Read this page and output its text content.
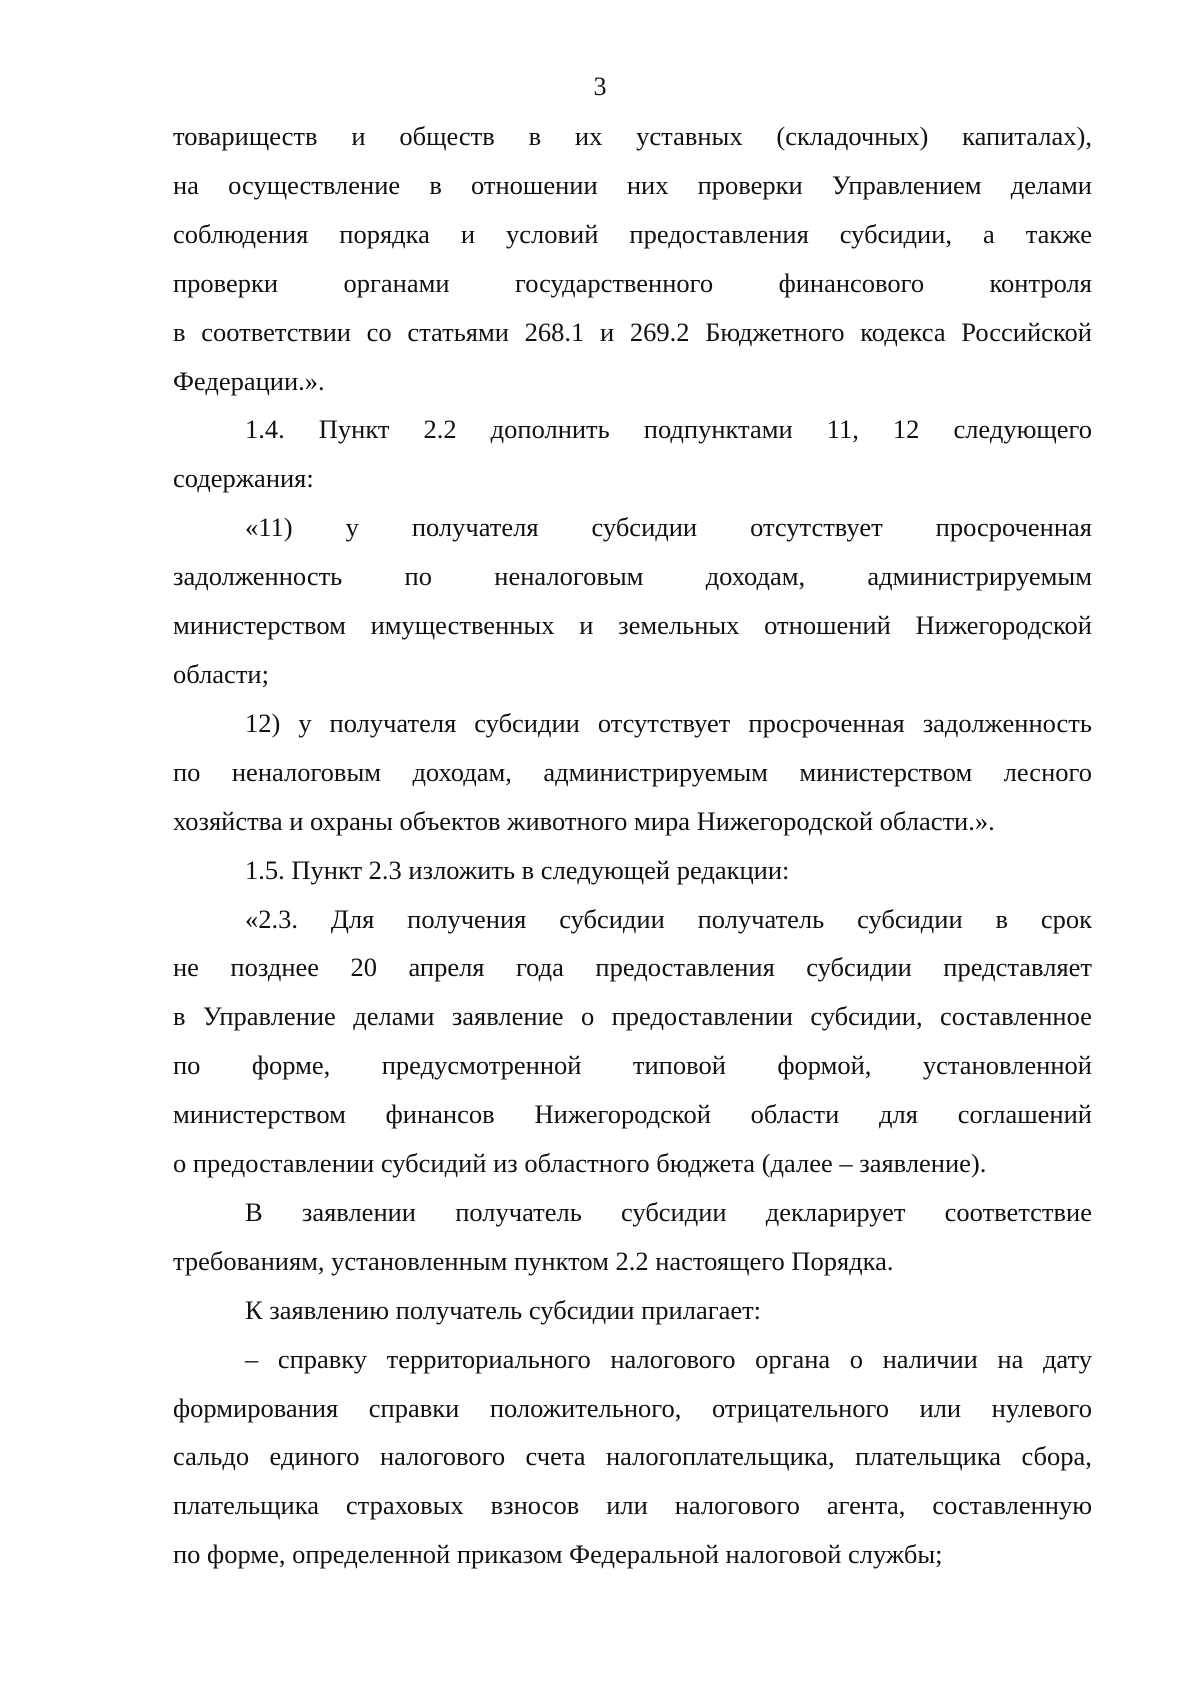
3
товариществ и обществ в их уставных (складочных) капиталах),
на осуществление в отношении них проверки Управлением делами
соблюдения порядка и условий предоставления субсидии, а также
проверки органами государственного финансового контроля
в соответствии со статьями 268.1 и 269.2 Бюджетного кодекса Российской
Федерации.».
1.4. Пункт 2.2 дополнить подпунктами 11, 12 следующего
содержания:
«11) у получателя субсидии отсутствует просроченная
задолженность по неналоговым доходам, администрируемым
министерством имущественных и земельных отношений Нижегородской
области;
12) у получателя субсидии отсутствует просроченная задолженность
по неналоговым доходам, администрируемым министерством лесного
хозяйства и охраны объектов животного мира Нижегородской области.».
1.5. Пункт 2.3 изложить в следующей редакции:
«2.3. Для получения субсидии получатель субсидии в срок
не позднее 20 апреля года предоставления субсидии представляет
в Управление делами заявление о предоставлении субсидии, составленное
по форме, предусмотренной типовой формой, установленной
министерством финансов Нижегородской области для соглашений
о предоставлении субсидий из областного бюджета (далее – заявление).
В заявлении получатель субсидии декларирует соответствие
требованиям, установленным пунктом 2.2 настоящего Порядка.
К заявлению получатель субсидии прилагает:
– справку территориального налогового органа о наличии на дату
формирования справки положительного, отрицательного или нулевого
сальдо единого налогового счета налогоплательщика, плательщика сбора,
плательщика страховых взносов или налогового агента, составленную
по форме, определенной приказом Федеральной налоговой службы;
